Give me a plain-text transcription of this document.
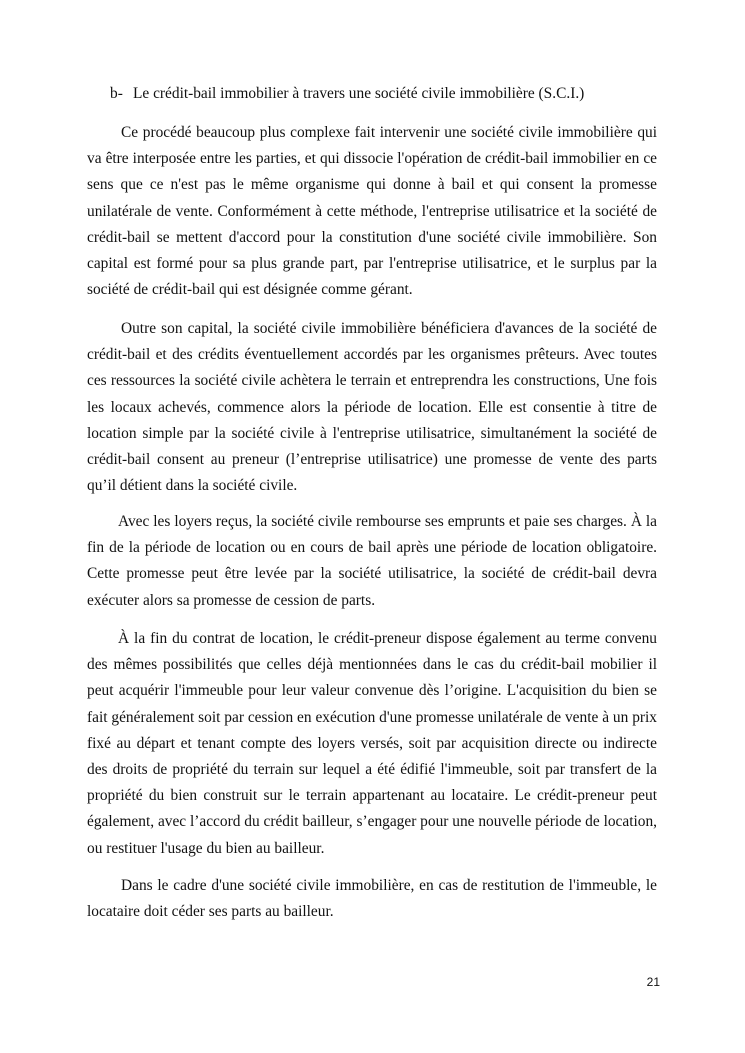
b- Le crédit-bail immobilier à travers une société civile immobilière (S.C.I.)

Ce procédé beaucoup plus complexe fait intervenir une société civile immobilière qui va être interposée entre les parties, et qui dissocie l'opération de crédit-bail immobilier en ce sens que ce n'est pas le même organisme qui donne à bail et qui consent la promesse unilatérale de vente. Conformément à cette méthode, l'entreprise utilisatrice et la société de crédit-bail se mettent d'accord pour la constitution d'une société civile immobilière. Son capital est formé pour sa plus grande part, par l'entreprise utilisatrice, et le surplus par la société de crédit-bail qui est désignée comme gérant.

Outre son capital, la société civile immobilière bénéficiera d'avances de la société de crédit-bail et des crédits éventuellement accordés par les organismes prêteurs. Avec toutes ces ressources la société civile achètera le terrain et entreprendra les constructions, Une fois les locaux achevés, commence alors la période de location. Elle est consentie à titre de location simple par la société civile à l'entreprise utilisatrice, simultanément la société de crédit-bail consent au preneur (l’entreprise utilisatrice) une promesse de vente des parts qu’il détient dans la société civile.

Avec les loyers reçus, la société civile rembourse ses emprunts et paie ses charges. À la fin de la période de location ou en cours de bail après une période de location obligatoire. Cette promesse peut être levée par la société utilisatrice, la société de crédit-bail devra exécuter alors sa promesse de cession de parts.

À la fin du contrat de location, le crédit-preneur dispose également au terme convenu des mêmes possibilités que celles déjà mentionnées dans le cas du crédit-bail mobilier il peut acquérir l'immeuble pour leur valeur convenue dès l’origine. L'acquisition du bien se fait généralement soit par cession en exécution d'une promesse unilatérale de vente à un prix fixé au départ et tenant compte des loyers versés, soit par acquisition directe ou indirecte des droits de propriété du terrain sur lequel a été édifié l'immeuble, soit par transfert de la propriété du bien construit sur le terrain appartenant au locataire. Le crédit-preneur peut également, avec l’accord du crédit bailleur, s’engager pour une nouvelle période de location, ou restituer l'usage du bien au bailleur.

Dans le cadre d'une société civile immobilière, en cas de restitution de l'immeuble, le locataire doit céder ses parts au bailleur.

21
